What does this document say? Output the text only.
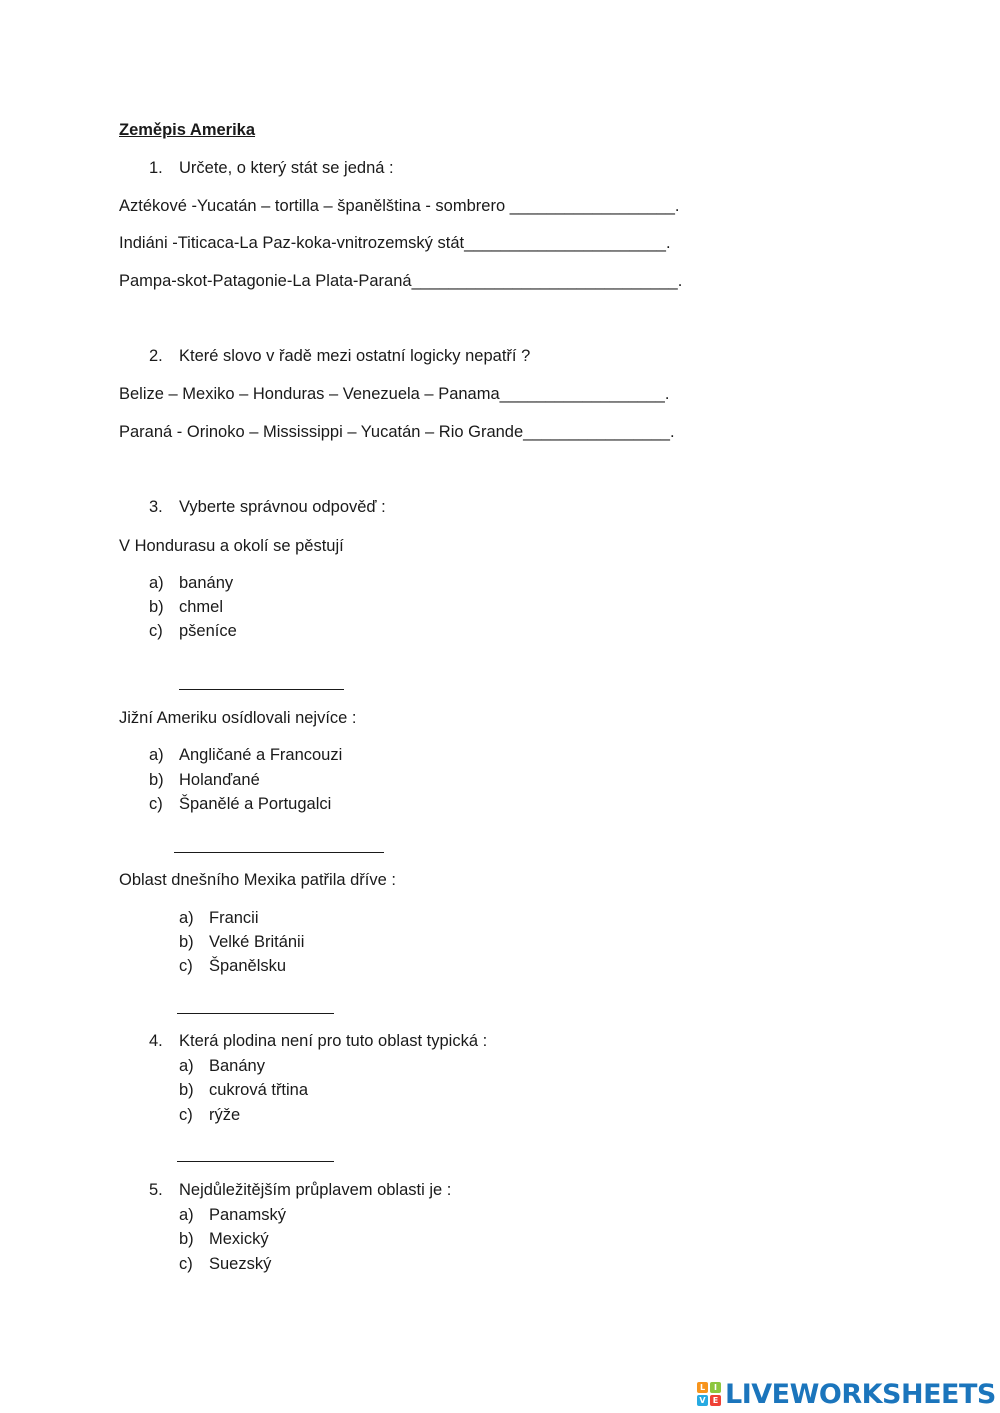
Zeměpis Amerika
1. Určete, o který stát se jedná :
Aztékové -Yucatán – tortilla – španělština - sombrero __________________.
Indiáni -Titicaca-La Paz-koka-vnitrozemský stát______________________.
Pampa-skot-Patagonie-La Plata-Paraná_____________________________.
2. Které slovo v řadě mezi ostatní logicky nepatří ?
Belize – Mexiko – Honduras – Venezuela – Panama__________________.
Paraná - Orinoko – Mississippi – Yucatán – Rio Grande________________.
3. Vyberte správnou odpověď :
V Hondurasu a okolí se pěstují
a) banány
b) chmel
c) pšeníce
Jižní Ameriku osídlovali nejvíce :
a) Angličané a Francouzi
b) Holanďané
c) Španělé a Portugalci
Oblast dnešního Mexika patřila dříve :
a) Francii
b) Velké Británii
c) Španělsku
4. Která plodina není pro tuto oblast typická :
a) Banány
b) cukrová třtina
c) rýže
5. Nejdůležitějším průplavem oblasti je :
a) Panamský
b) Mexický
c) Suezský
L	I
V E LIVEWORKSHEETS
